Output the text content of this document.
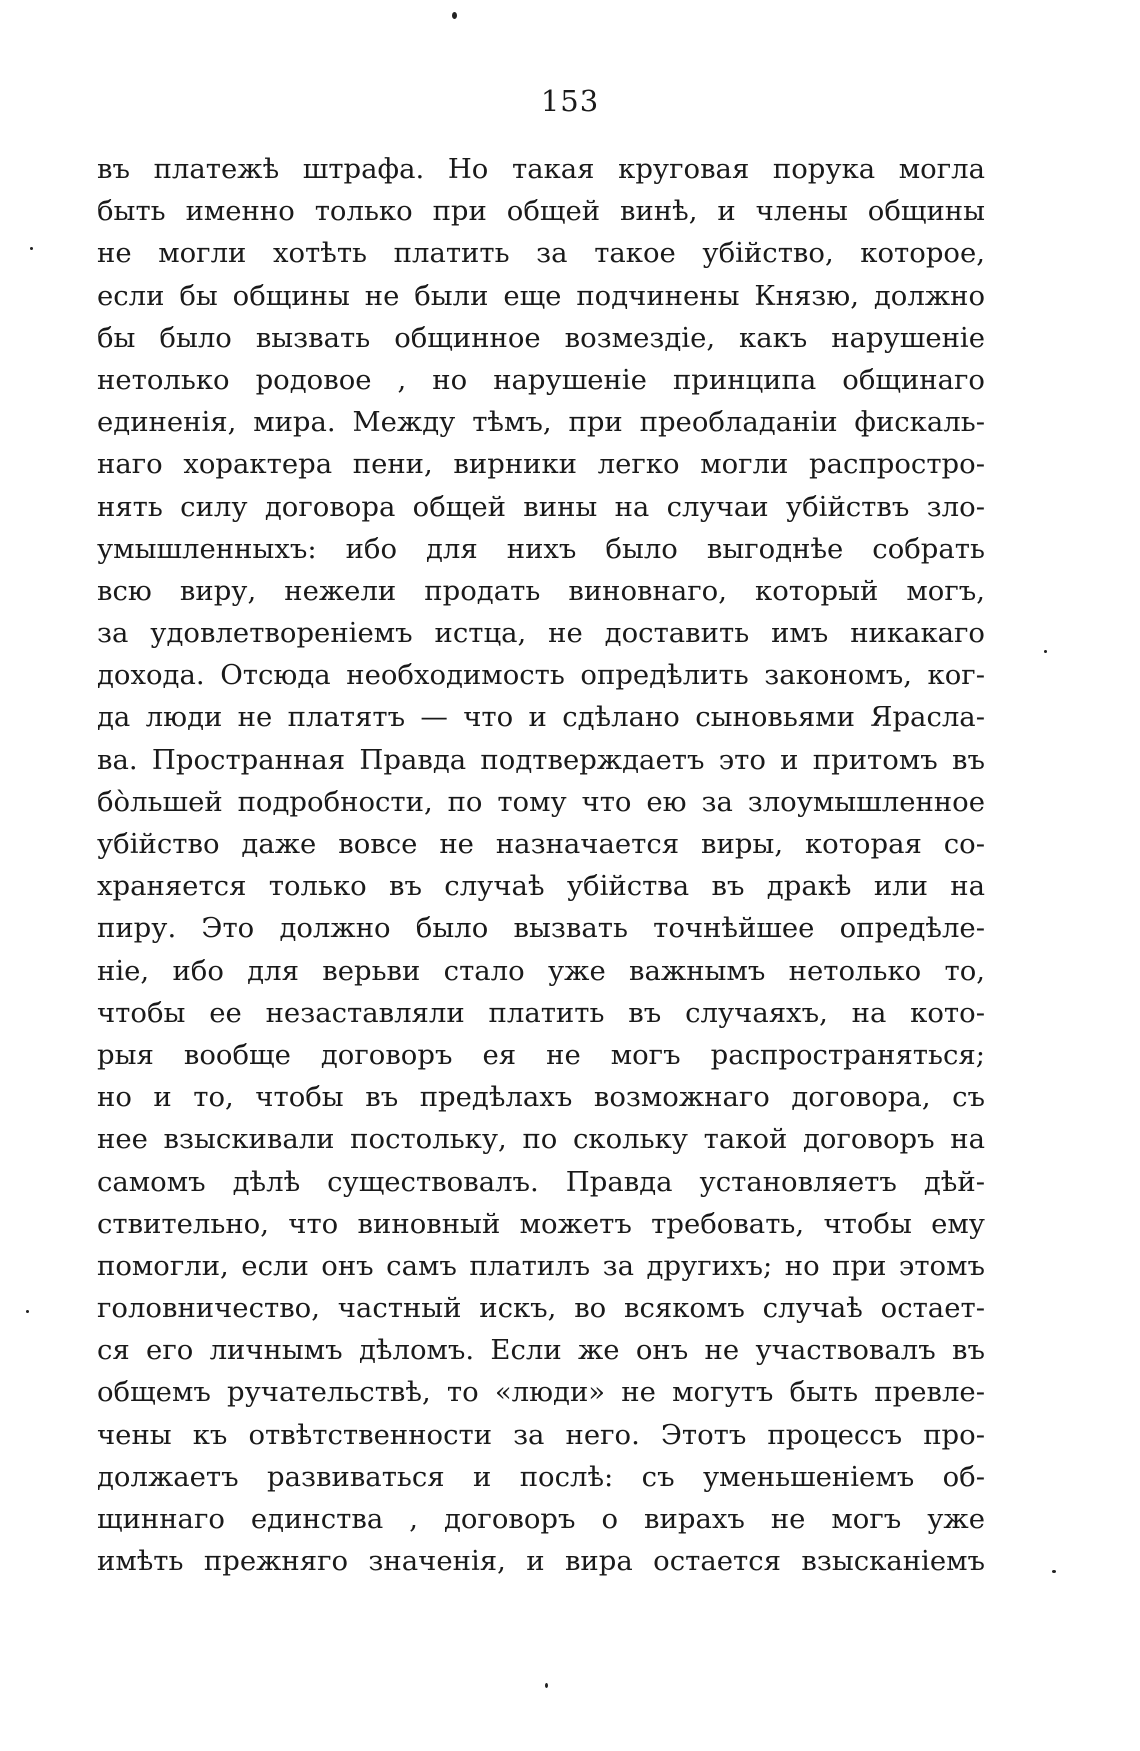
153
въ платежѣ штрафа. Но такая круговая порука могла
быть именно только при общей винѣ, и члены общины
не могли хотѣть платить за такое убійство, которое,
если бы общины не были еще подчинены Князю, должно
бы было вызвать общинное возмездіе, какъ нарушеніе
нетолько родовое , но нарушеніе принципа общинаго
единенія, мира. Между тѣмъ, при преобладаніи фискаль-
наго хорактера пени, вирники легко могли распростро-
нять силу договора общей вины на случаи убійствъ зло-
умышленныхъ: ибо для нихъ было выгоднѣе собрать
всю виру, нежели продать виновнаго, который могъ,
за удовлетвореніемъ истца, не доставить имъ никакаго
дохода. Отсюда необходимость опредѣлить закономъ, ког-
да люди не платятъ — что и сдѣлано сыновьями Ярасла-
ва. Пространная Правда подтверждаетъ это и притомъ въ
бо̀льшей подробности, по тому что ею за злоумышленное
убійство даже вовсе не назначается виры, которая со-
храняется только въ случаѣ убійства въ дракѣ или на
пиру. Это должно было вызвать точнѣйшее опредѣле-
ніе, ибо для верьви стало уже важнымъ нетолько то,
чтобы ее незаставляли платить въ случаяхъ, на кото-
рыя вообще договоръ ея не могъ распространяться;
но и то, чтобы въ предѣлахъ возможнаго договора, съ
нее взыскивали постольку, по скольку такой договоръ на
самомъ дѣлѣ существовалъ. Правда установляетъ дѣй-
ствительно, что виновный можетъ требовать, чтобы ему
помогли, если онъ самъ платилъ за другихъ; но при этомъ
головничество, частный искъ, во всякомъ случаѣ остает-
ся его личнымъ дѣломъ. Если же онъ не участвовалъ въ
общемъ ручательствѣ, то «люди» не могутъ быть превле-
чены къ отвѣтственности за него. Этотъ процессъ про-
должаетъ развиваться и послѣ: съ уменьшеніемъ об-
щиннаго единства , договоръ о вирахъ не могъ уже
имѣть прежняго значенія, и вира остается взысканіемъ
